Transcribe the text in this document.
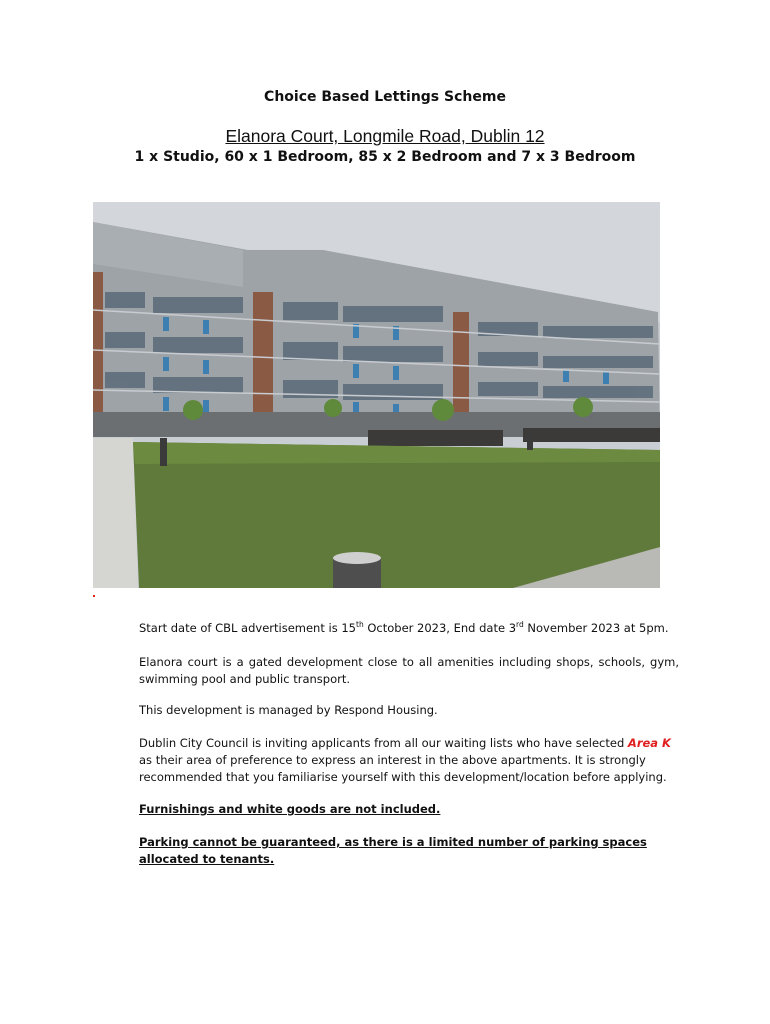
Choice Based Lettings Scheme
Elanora Court, Longmile Road, Dublin 12
1 x Studio, 60 x 1 Bedroom, 85 x 2 Bedroom and 7 x 3 Bedroom
Start date of CBL advertisement is 15th October 2023, End date 3rd November 2023 at 5pm.
Elanora court is a gated development close to all amenities including shops, schools, gym, swimming pool and public transport.
This development is managed by Respond Housing.
Dublin City Council is inviting applicants from all our waiting lists who have selected Area K as their area of preference to express an interest in the above apartments. It is strongly recommended that you familiarise yourself with this development/location before applying.
Furnishings and white goods are not included.
Parking cannot be guaranteed, as there is a limited number of parking spaces allocated to tenants.
